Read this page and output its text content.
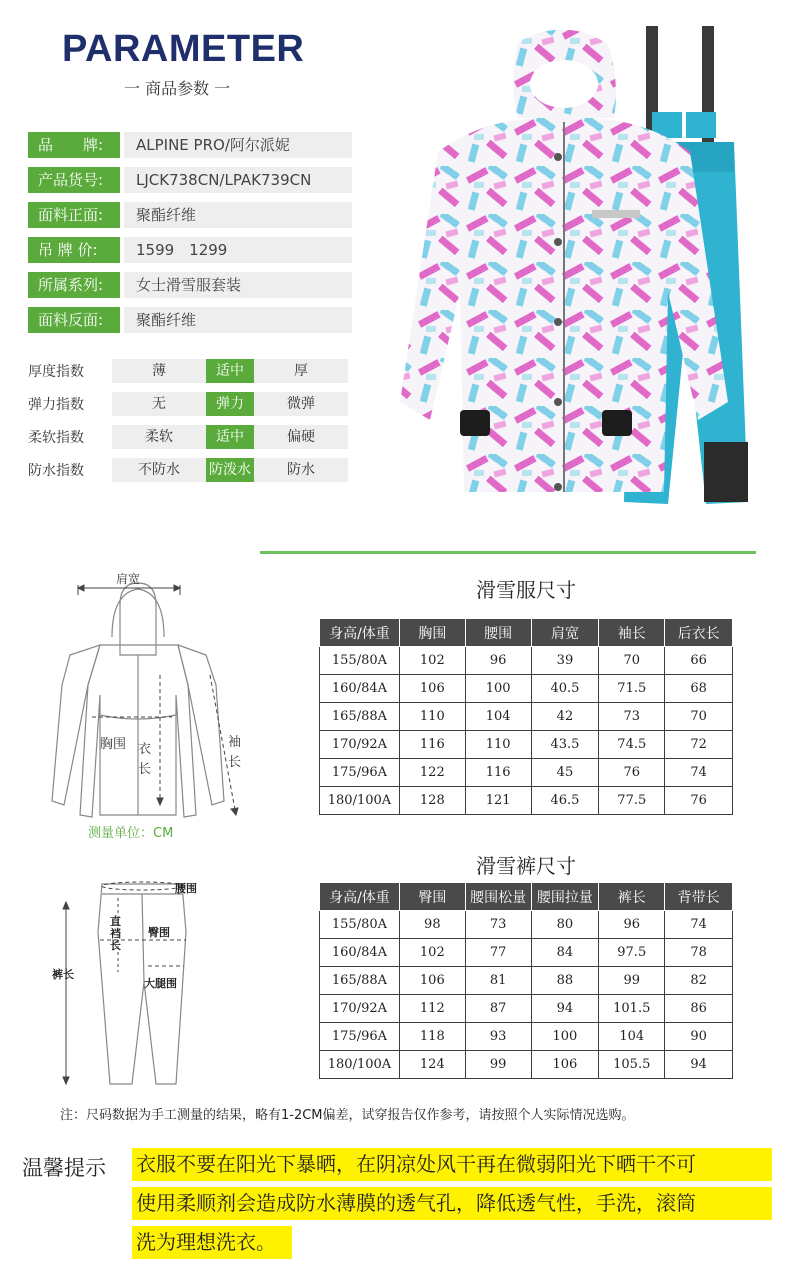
PARAMETER
一 商品参数 一
品　　牌:	ALPINE PRO/阿尔派妮
产品货号:	LJCK738CN/LPAK739CN
面料正面:	聚酯纤维
吊 牌 价:	1599　1299
所属系列:	女士滑雪服套装
面料反面:	聚酯纤维
厚度指数	薄	适中	厚
弹力指数	无	弹力	微弹
柔软指数	柔软	适中	偏硬
防水指数	不防水	防泼水	防水
肩宽
胸围 衣长
袖长
测量单位：CM
滑雪服尺寸
身高/体重	胸围	腰围	肩宽	袖长	后衣长
155/80A	102	96	39	70	66
160/84A	106	100	40.5	71.5	68
165/88A	110	104	42	73	70
170/92A	116	110	43.5	74.5	72
175/96A	122	116	45	76	74
180/100A	128	121	46.5	77.5	76
腰围
直裆长
臀围
大腿围
裤长
滑雪裤尺寸
身高/体重	臀围	腰围松量	腰围拉量	裤长	背带长
155/80A	98	73	80	96	74
160/84A	102	77	84	97.5	78
165/88A	106	81	88	99	82
170/92A	112	87	94	101.5	86
175/96A	118	93	100	104	90
180/100A	124	99	106	105.5	94
注：尺码数据为手工测量的结果，略有1-2CM偏差，试穿报告仅作参考，请按照个人实际情况选购。
温馨提示 衣服不要在阳光下暴晒，在阴凉处风干再在微弱阳光下晒干不可
使用柔顺剂会造成防水薄膜的透气孔，降低透气性，手洗，滚筒
洗为理想洗衣。
